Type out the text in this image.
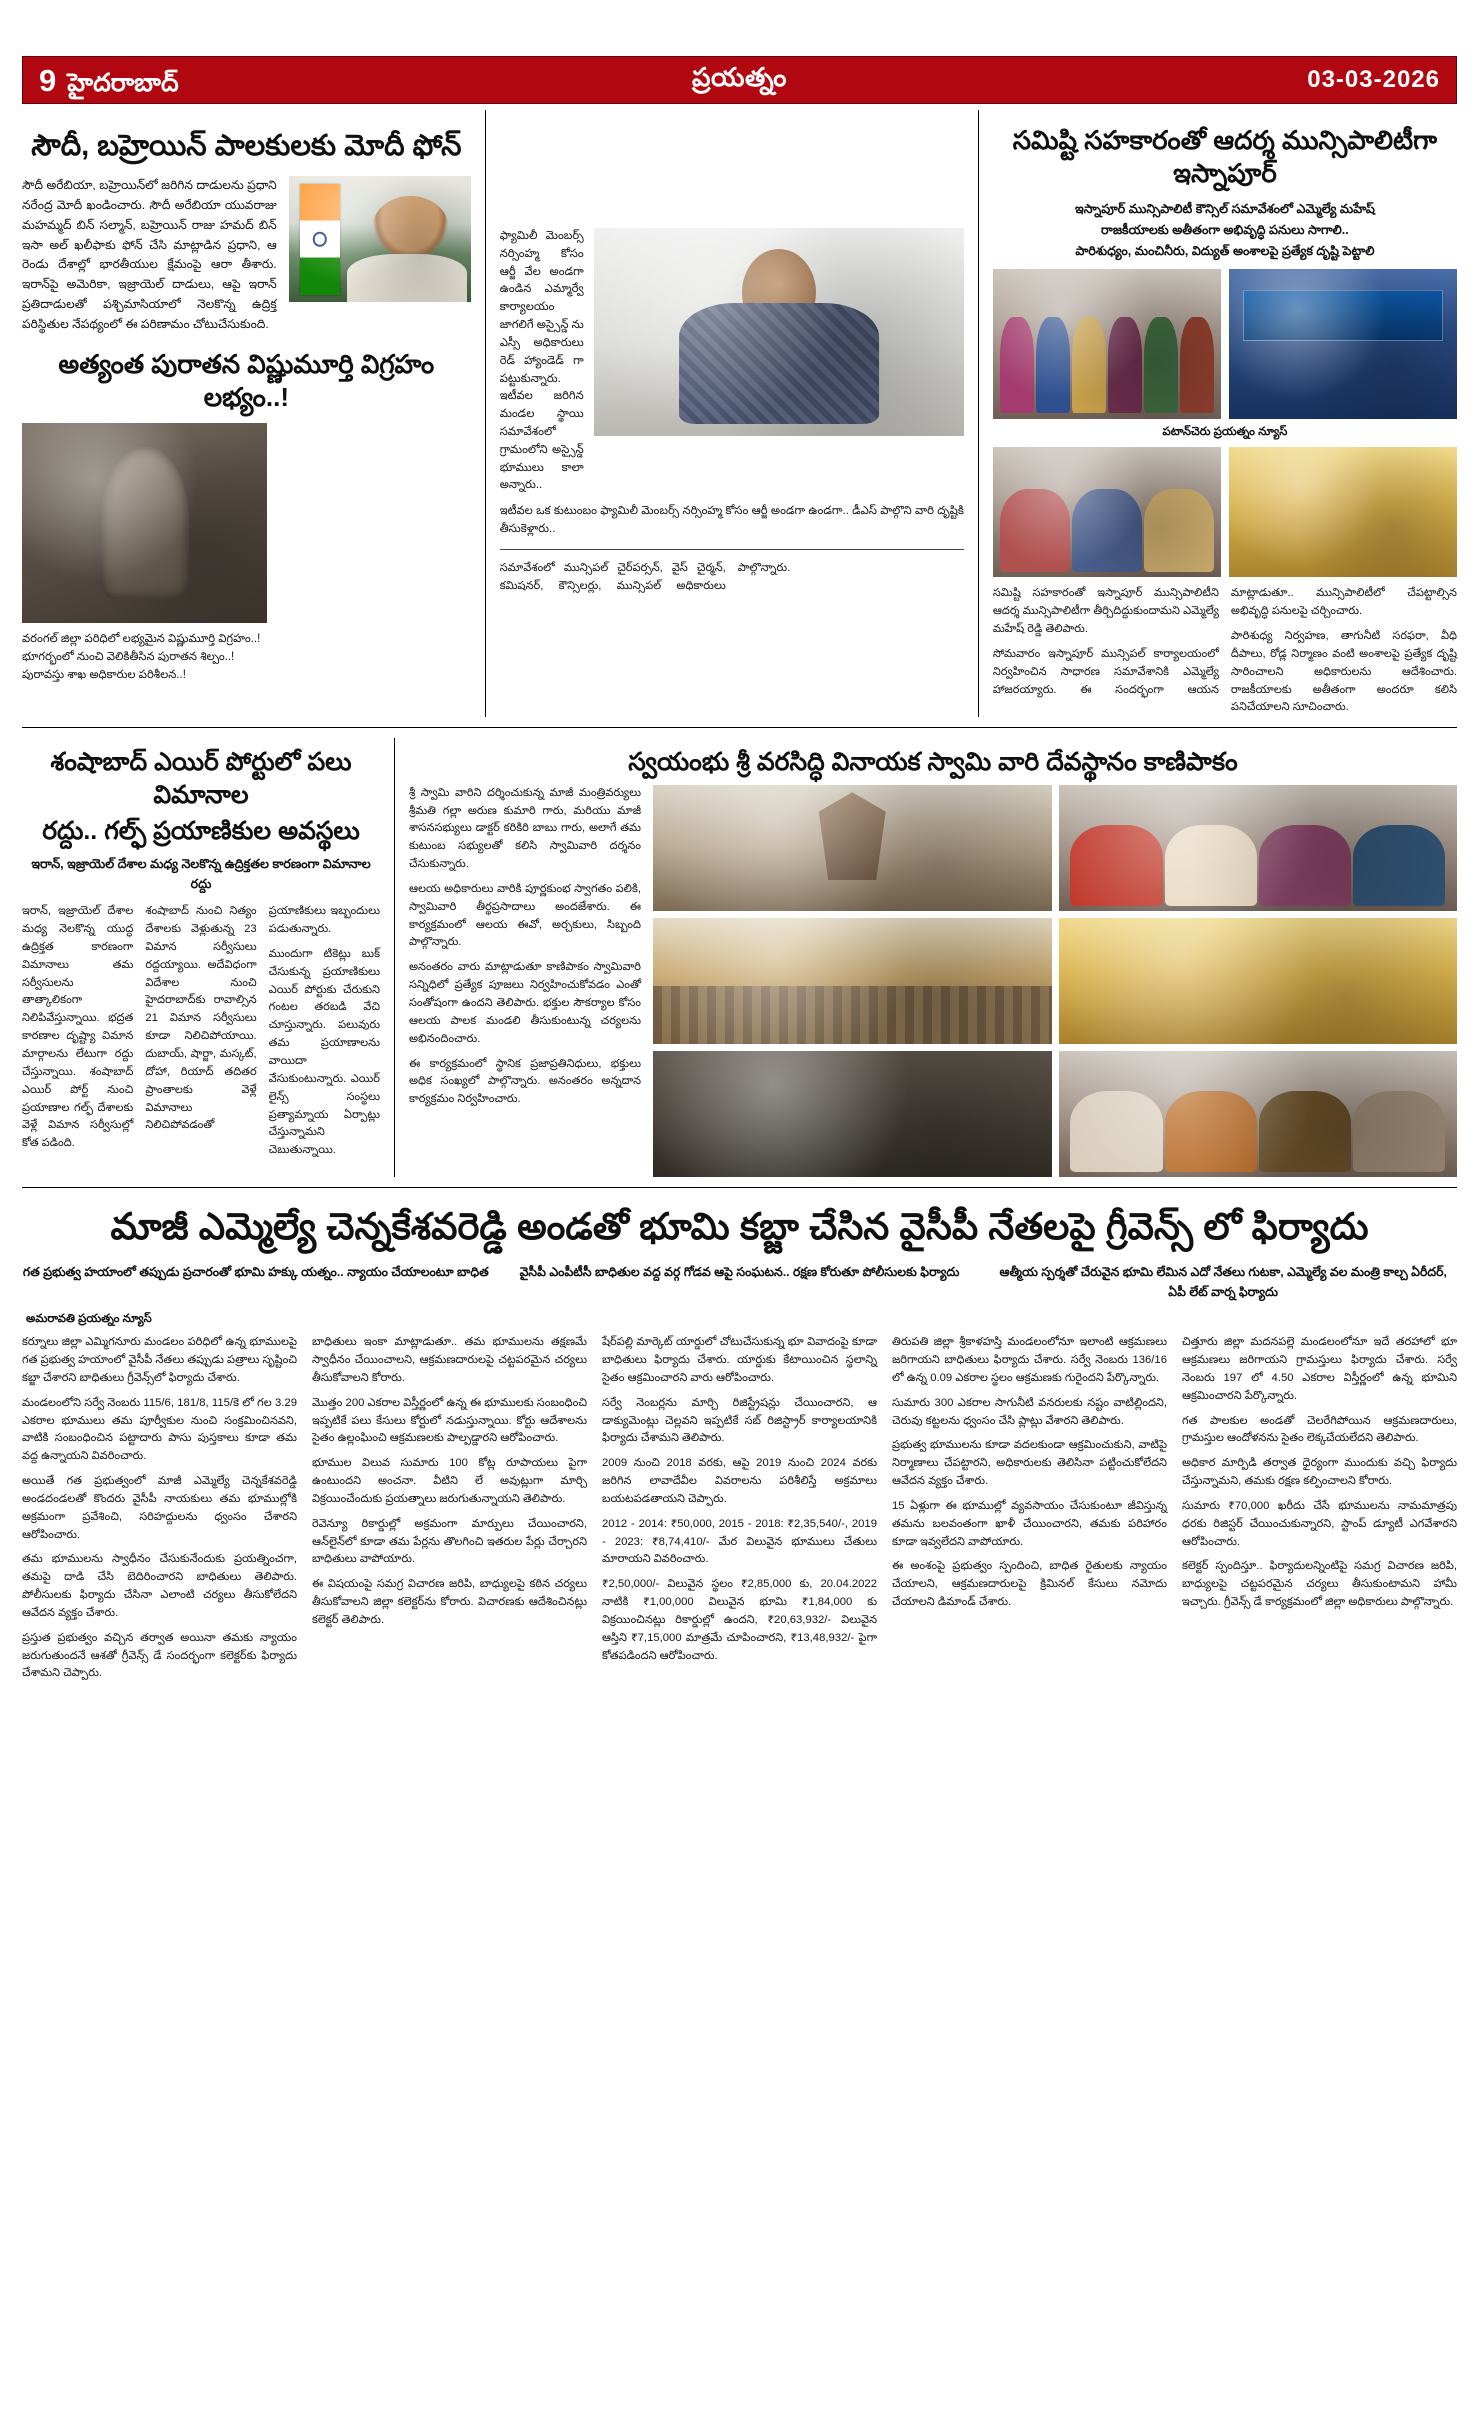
9 హైదరాబాద్	ప్రయత్నం	03-03-2026
సౌదీ, బహ్రెయిన్ పాలకులకు మోదీ ఫోన్
సౌదీ అరేబియా, బహ్రెయిన్‌లో జరిగిన దాడులను ప్రధాని నరేంద్ర మోదీ ఖండించారు. సౌదీ అరేబియా యువరాజు మహమ్మద్ బిన్ సల్మాన్, బహ్రెయిన్ రాజు హమద్ బిన్ ఇసా అల్ ఖలీఫాకు ఫోన్ చేసి మాట్లాడిన ప్రధాని, ఆ రెండు దేశాల్లో భారతీయుల క్షేమంపై ఆరా తీశారు. ఇరాన్‌పై అమెరికా, ఇజ్రాయెల్ దాడులు, ఆపై ఇరాన్ ప్రతిదాడులతో పశ్చిమాసియాలో నెలకొన్న ఉద్రిక్త పరిస్థితుల నేపథ్యంలో ఈ పరిణామం చోటుచేసుకుంది.
అత్యంత పురాతన విష్ణుమూర్తి విగ్రహం లభ్యం..!
వరంగల్ జిల్లా పరిధిలో లభ్యమైన విష్ణుమూర్తి విగ్రహం..!
భూగర్భంలో నుంచి వెలికితీసిన పురాతన శిల్పం..!
పురావస్తు శాఖ అధికారుల పరిశీలన..!
ఫ్యామిలీ మెంబర్స్ నర్సింహ్మ కోసం ఆర్జీ వేల అండగా ఉండిన ఎమ్మార్వే కార్యాలయం జాగలిగే అస్సైన్డ్ ను ఎస్సీ అధికారులు రెడ్ హ్యాండెడ్ గా పట్టుకున్నారు. ఇటీవల జరిగిన మండల స్థాయి సమావేశంలో గ్రామంలోని అస్సైన్డ్ భూములు కాలా అన్నారు..
ఇటీవల ఒక కుటుంబం ఫ్యామిలీ మెంబర్స్ నర్సింహ్మ కోసం ఆర్జీ అండగా ఉండగా.. డీఎస్ పాల్గొని వారి దృష్టికి తీసుకెళ్లారు..

సమావేశంలో మున్సిపల్ చైర్‌పర్సన్, వైస్ చైర్మన్, కమిషనర్, కౌన్సిలర్లు, మున్సిపల్ అధికారులు పాల్గొన్నారు.

సమిష్టి సహకారంతో ఆదర్శ మున్సిపాలిటీగా ఇస్నాపూర్
ఇస్నాపూర్ మున్సిపాలిటీ కౌన్సిల్ సమావేశంలో ఎమ్మెల్యే మహేష్
రాజకీయాలకు అతీతంగా అభివృద్ధి పనులు సాగాలి..
పారిశుధ్యం, మంచినీరు, విద్యుత్ అంశాలపై ప్రత్యేక దృష్టి పెట్టాలి
పటాన్‌చెరు ప్రయత్నం న్యూస్

సమిష్టి సహకారంతో ఇస్నాపూర్ మున్సిపాలిటీని ఆదర్శ మున్సిపాలిటీగా తీర్చిదిద్దుకుందామని ఎమ్మెల్యే మహేష్ రెడ్డి తెలిపారు.

సోమవారం ఇస్నాపూర్ మున్సిపల్ కార్యాలయంలో నిర్వహించిన సాధారణ సమావేశానికి ఎమ్మెల్యే హాజరయ్యారు. ఈ సందర్భంగా ఆయన మాట్లాడుతూ.. మున్సిపాలిటీలో చేపట్టాల్సిన అభివృద్ధి పనులపై చర్చించారు.

పారిశుధ్య నిర్వహణ, తాగునీటి సరఫరా, వీధి దీపాలు, రోడ్ల నిర్మాణం వంటి అంశాలపై ప్రత్యేక దృష్టి సారించాలని అధికారులను ఆదేశించారు. రాజకీయాలకు అతీతంగా అందరూ కలిసి పనిచేయాలని సూచించారు.

శంషాబాద్ ఎయిర్ పోర్టులో పలు విమానాల
రద్దు.. గల్ఫ్ ప్రయాణికుల అవస్థలు
ఇరాన్, ఇజ్రాయెల్ దేశాల మధ్య నెలకొన్న ఉద్రిక్తతల కారణంగా విమానాల రద్దు

ఇరాన్, ఇజ్రాయెల్ దేశాల మధ్య నెలకొన్న యుద్ధ ఉద్రిక్తత కారణంగా విమానాలు తమ సర్వీసులను తాత్కాలికంగా నిలిపివేస్తున్నాయి. భద్రత కారణాల దృష్ట్యా విమాన మార్గాలను లేటుగా రద్దు చేస్తున్నాయి. శంషాబాద్ ఎయిర్ పోర్ట్ నుంచి ప్రయాణాల గల్ఫ్ దేశాలకు వెళ్లే విమాన సర్వీసుల్లో కోత పడింది.

శంషాబాద్ నుంచి నిత్యం దేశాలకు వెళ్లుతున్న 23 విమాన సర్వీసులు రద్దయ్యాయి. అదేవిధంగా విదేశాల నుంచి హైదరాబాద్‌కు రావాల్సిన 21 విమాన సర్వీసులు కూడా నిలిచిపోయాయి. దుబాయ్, షార్జా, మస్కట్, దోహా, రియాద్ తదితర ప్రాంతాలకు వెళ్లే విమానాలు నిలిచిపోవడంతో ప్రయాణికులు ఇబ్బందులు పడుతున్నారు.

ముందుగా టికెట్లు బుక్ చేసుకున్న ప్రయాణికులు ఎయిర్ పోర్టుకు చేరుకుని గంటల తరబడి వేచి చూస్తున్నారు. పలువురు తమ ప్రయాణాలను వాయిదా వేసుకుంటున్నారు. ఎయిర్ లైన్స్ సంస్థలు ప్రత్యామ్నాయ ఏర్పాట్లు చేస్తున్నామని చెబుతున్నాయి.

స్వయంభు శ్రీ వరసిద్ధి వినాయక స్వామి వారి దేవస్థానం కాణిపాకం

శ్రీ స్వామి వారిని దర్శించుకున్న మాజీ మంత్రివర్యులు శ్రీమతి గల్లా అరుణ కుమారి గారు, మరియు మాజీ శాసనసభ్యులు డాక్టర్ కరికిరి బాబు గారు, అలాగే తమ కుటుంబ సభ్యులతో కలిసి స్వామివారి దర్శనం చేసుకున్నారు.

ఆలయ అధికారులు వారికి పూర్ణకుంభ స్వాగతం పలికి, స్వామివారి తీర్థప్రసాదాలు అందజేశారు. ఈ కార్యక్రమంలో ఆలయ ఈవో, అర్చకులు, సిబ్బంది పాల్గొన్నారు.

అనంతరం వారు మాట్లాడుతూ కాణిపాకం స్వామివారి సన్నిధిలో ప్రత్యేక పూజలు నిర్వహించుకోవడం ఎంతో సంతోషంగా ఉందని తెలిపారు. భక్తుల సౌకర్యాల కోసం ఆలయ పాలక మండలి తీసుకుంటున్న చర్యలను అభినందించారు.

ఈ కార్యక్రమంలో స్థానిక ప్రజాప్రతినిధులు, భక్తులు అధిక సంఖ్యలో పాల్గొన్నారు. అనంతరం అన్నదాన కార్యక్రమం నిర్వహించారు.

మాజీ ఎమ్మెల్యే చెన్నకేశవరెడ్డి అండతో భూమి కబ్జా చేసిన వైసీపీ నేతలపై గ్రీవెన్స్ లో ఫిర్యాదు
గత ప్రభుత్వ హయాంలో తప్పుడు ప్రచారంతో భూమి హక్కు యత్నం.. న్యాయం చేయాలంటూ బాధిత	వైసీపీ ఎంపీటీసీ బాధితుల వద్ద వర్గ గోడవ ఆపై సంఘటన.. రక్షణ కోరుతూ పోలీసులకు ఫిర్యాదు	ఆత్మీయ స్పర్శతో చేరువైన భూమి లేమిన ఎదో నేతలు గుటకా, ఎమ్మెల్యే వల మంత్రి కాల్చ ఏరీదర్, ఏపీ లేట్ వార్న ఫిర్యాదు
అమరావతి ప్రయత్నం న్యూస్

కర్నూలు జిల్లా ఎమ్మిగనూరు మండలం పరిధిలో ఉన్న భూములపై గత ప్రభుత్వ హయాంలో వైసీపీ నేతలు తప్పుడు పత్రాలు సృష్టించి కబ్జా చేశారని బాధితులు గ్రీవెన్స్‌లో ఫిర్యాదు చేశారు.

మండలంలోని సర్వే నెంబరు 115/6, 181/8, 115/కె లో గల 3.29 ఎకరాల భూములు తమ పూర్వీకుల నుంచి సంక్రమించినవని, వాటికి సంబంధించిన పట్టాదారు పాసు పుస్తకాలు కూడా తమ వద్ద ఉన్నాయని వివరించారు.

అయితే గత ప్రభుత్వంలో మాజీ ఎమ్మెల్యే చెన్నకేశవరెడ్డి అండదండలతో కొందరు వైసీపీ నాయకులు తమ భూముల్లోకి అక్రమంగా ప్రవేశించి, సరిహద్దులను ధ్వంసం చేశారని ఆరోపించారు.

తమ భూములను స్వాధీనం చేసుకునేందుకు ప్రయత్నించగా, తమపై దాడి చేసి బెదిరించారని బాధితులు తెలిపారు. పోలీసులకు ఫిర్యాదు చేసినా ఎలాంటి చర్యలు తీసుకోలేదని ఆవేదన వ్యక్తం చేశారు.

ప్రస్తుత ప్రభుత్వం వచ్చిన తర్వాత అయినా తమకు న్యాయం జరుగుతుందనే ఆశతో గ్రీవెన్స్ డే సందర్భంగా కలెక్టర్‌కు ఫిర్యాదు చేశామని చెప్పారు.

బాధితులు ఇంకా మాట్లాడుతూ.. తమ భూములను తక్షణమే స్వాధీనం చేయించాలని, ఆక్రమణదారులపై చట్టపరమైన చర్యలు తీసుకోవాలని కోరారు.

మొత్తం 200 ఎకరాల విస్తీర్ణంలో ఉన్న ఈ భూములకు సంబంధించి ఇప్పటికే పలు కేసులు కోర్టులో నడుస్తున్నాయి. కోర్టు ఆదేశాలను సైతం ఉల్లంఘించి ఆక్రమణలకు పాల్పడ్డారని ఆరోపించారు.

భూముల విలువ సుమారు 100 కోట్ల రూపాయలు పైగా ఉంటుందని అంచనా. వీటిని లే అవుట్లుగా మార్చి విక్రయించేందుకు ప్రయత్నాలు జరుగుతున్నాయని తెలిపారు.

రెవెన్యూ రికార్డుల్లో అక్రమంగా మార్పులు చేయించారని, ఆన్‌లైన్‌లో కూడా తమ పేర్లను తొలగించి ఇతరుల పేర్లు చేర్చారని బాధితులు వాపోయారు.

ఈ విషయంపై సమగ్ర విచారణ జరిపి, బాధ్యులపై కఠిన చర్యలు తీసుకోవాలని జిల్లా కలెక్టర్‌ను కోరారు. విచారణకు ఆదేశించినట్లు కలెక్టర్ తెలిపారు.

షేర్‌పల్లి మార్కెట్ యార్డులో చోటుచేసుకున్న భూ వివాదంపై కూడా బాధితులు ఫిర్యాదు చేశారు. యార్డుకు కేటాయించిన స్థలాన్ని సైతం ఆక్రమించారని వారు ఆరోపించారు.

సర్వే నెంబర్లను మార్చి రిజిస్ట్రేషన్లు చేయించారని, ఆ డాక్యుమెంట్లు చెల్లవని ఇప్పటికే సబ్ రిజిస్ట్రార్ కార్యాలయానికి ఫిర్యాదు చేశామని తెలిపారు.

2009 నుంచి 2018 వరకు, ఆపై 2019 నుంచి 2024 వరకు జరిగిన లావాదేవీల వివరాలను పరిశీలిస్తే అక్రమాలు బయటపడతాయని చెప్పారు.

2012 - 2014: ₹50,000, 2015 - 2018: ₹2,35,540/-, 2019 - 2023: ₹8,74,410/- మేర విలువైన భూములు చేతులు మారాయని వివరించారు.

₹2,50,000/- విలువైన స్థలం ₹2,85,000 కు, 20.04.2022 నాటికి ₹1,00,000 విలువైన భూమి ₹1,84,000 కు విక్రయించినట్లు రికార్డుల్లో ఉందని, ₹20,63,932/- విలువైన ఆస్తిని ₹7,15,000 మాత్రమే చూపించారని, ₹13,48,932/- పైగా కోతపడిందని ఆరోపించారు.

తిరుపతి జిల్లా శ్రీకాళహస్తి మండలంలోనూ ఇలాంటి ఆక్రమణలు జరిగాయని బాధితులు ఫిర్యాదు చేశారు. సర్వే నెంబరు 136/16 లో ఉన్న 0.09 ఎకరాల స్థలం ఆక్రమణకు గురైందని పేర్కొన్నారు.

సుమారు 300 ఎకరాల సాగునీటి వనరులకు నష్టం వాటిల్లిందని, చెరువు కట్టలను ధ్వంసం చేసి ప్లాట్లు వేశారని తెలిపారు.

ప్రభుత్వ భూములను కూడా వదలకుండా ఆక్రమించుకుని, వాటిపై నిర్మాణాలు చేపట్టారని, అధికారులకు తెలిసినా పట్టించుకోలేదని ఆవేదన వ్యక్తం చేశారు.

15 ఏళ్లుగా ఈ భూముల్లో వ్యవసాయం చేసుకుంటూ జీవిస్తున్న తమను బలవంతంగా ఖాళీ చేయించారని, తమకు పరిహారం కూడా ఇవ్వలేదని వాపోయారు.

ఈ అంశంపై ప్రభుత్వం స్పందించి, బాధిత రైతులకు న్యాయం చేయాలని, ఆక్రమణదారులపై క్రిమినల్ కేసులు నమోదు చేయాలని డిమాండ్ చేశారు.

చిత్తూరు జిల్లా మదనపల్లె మండలంలోనూ ఇదే తరహాలో భూ ఆక్రమణలు జరిగాయని గ్రామస్తులు ఫిర్యాదు చేశారు. సర్వే నెంబరు 197 లో 4.50 ఎకరాల విస్తీర్ణంలో ఉన్న భూమిని ఆక్రమించారని పేర్కొన్నారు.

గత పాలకుల అండతో చెలరేగిపోయిన ఆక్రమణదారులు, గ్రామస్తుల ఆందోళనను సైతం లెక్కచేయలేదని తెలిపారు.

అధికార మార్పిడి తర్వాత ధైర్యంగా ముందుకు వచ్చి ఫిర్యాదు చేస్తున్నామని, తమకు రక్షణ కల్పించాలని కోరారు.

సుమారు ₹70,000 ఖరీదు చేసే భూములను నామమాత్రపు ధరకు రిజిస్టర్ చేయించుకున్నారని, స్టాంప్ డ్యూటీ ఎగవేశారని ఆరోపించారు.

కలెక్టర్ స్పందిస్తూ.. ఫిర్యాదులన్నింటిపై సమగ్ర విచారణ జరిపి, బాధ్యులపై చట్టపరమైన చర్యలు తీసుకుంటామని హామీ ఇచ్చారు. గ్రీవెన్స్ డే కార్యక్రమంలో జిల్లా అధికారులు పాల్గొన్నారు.
